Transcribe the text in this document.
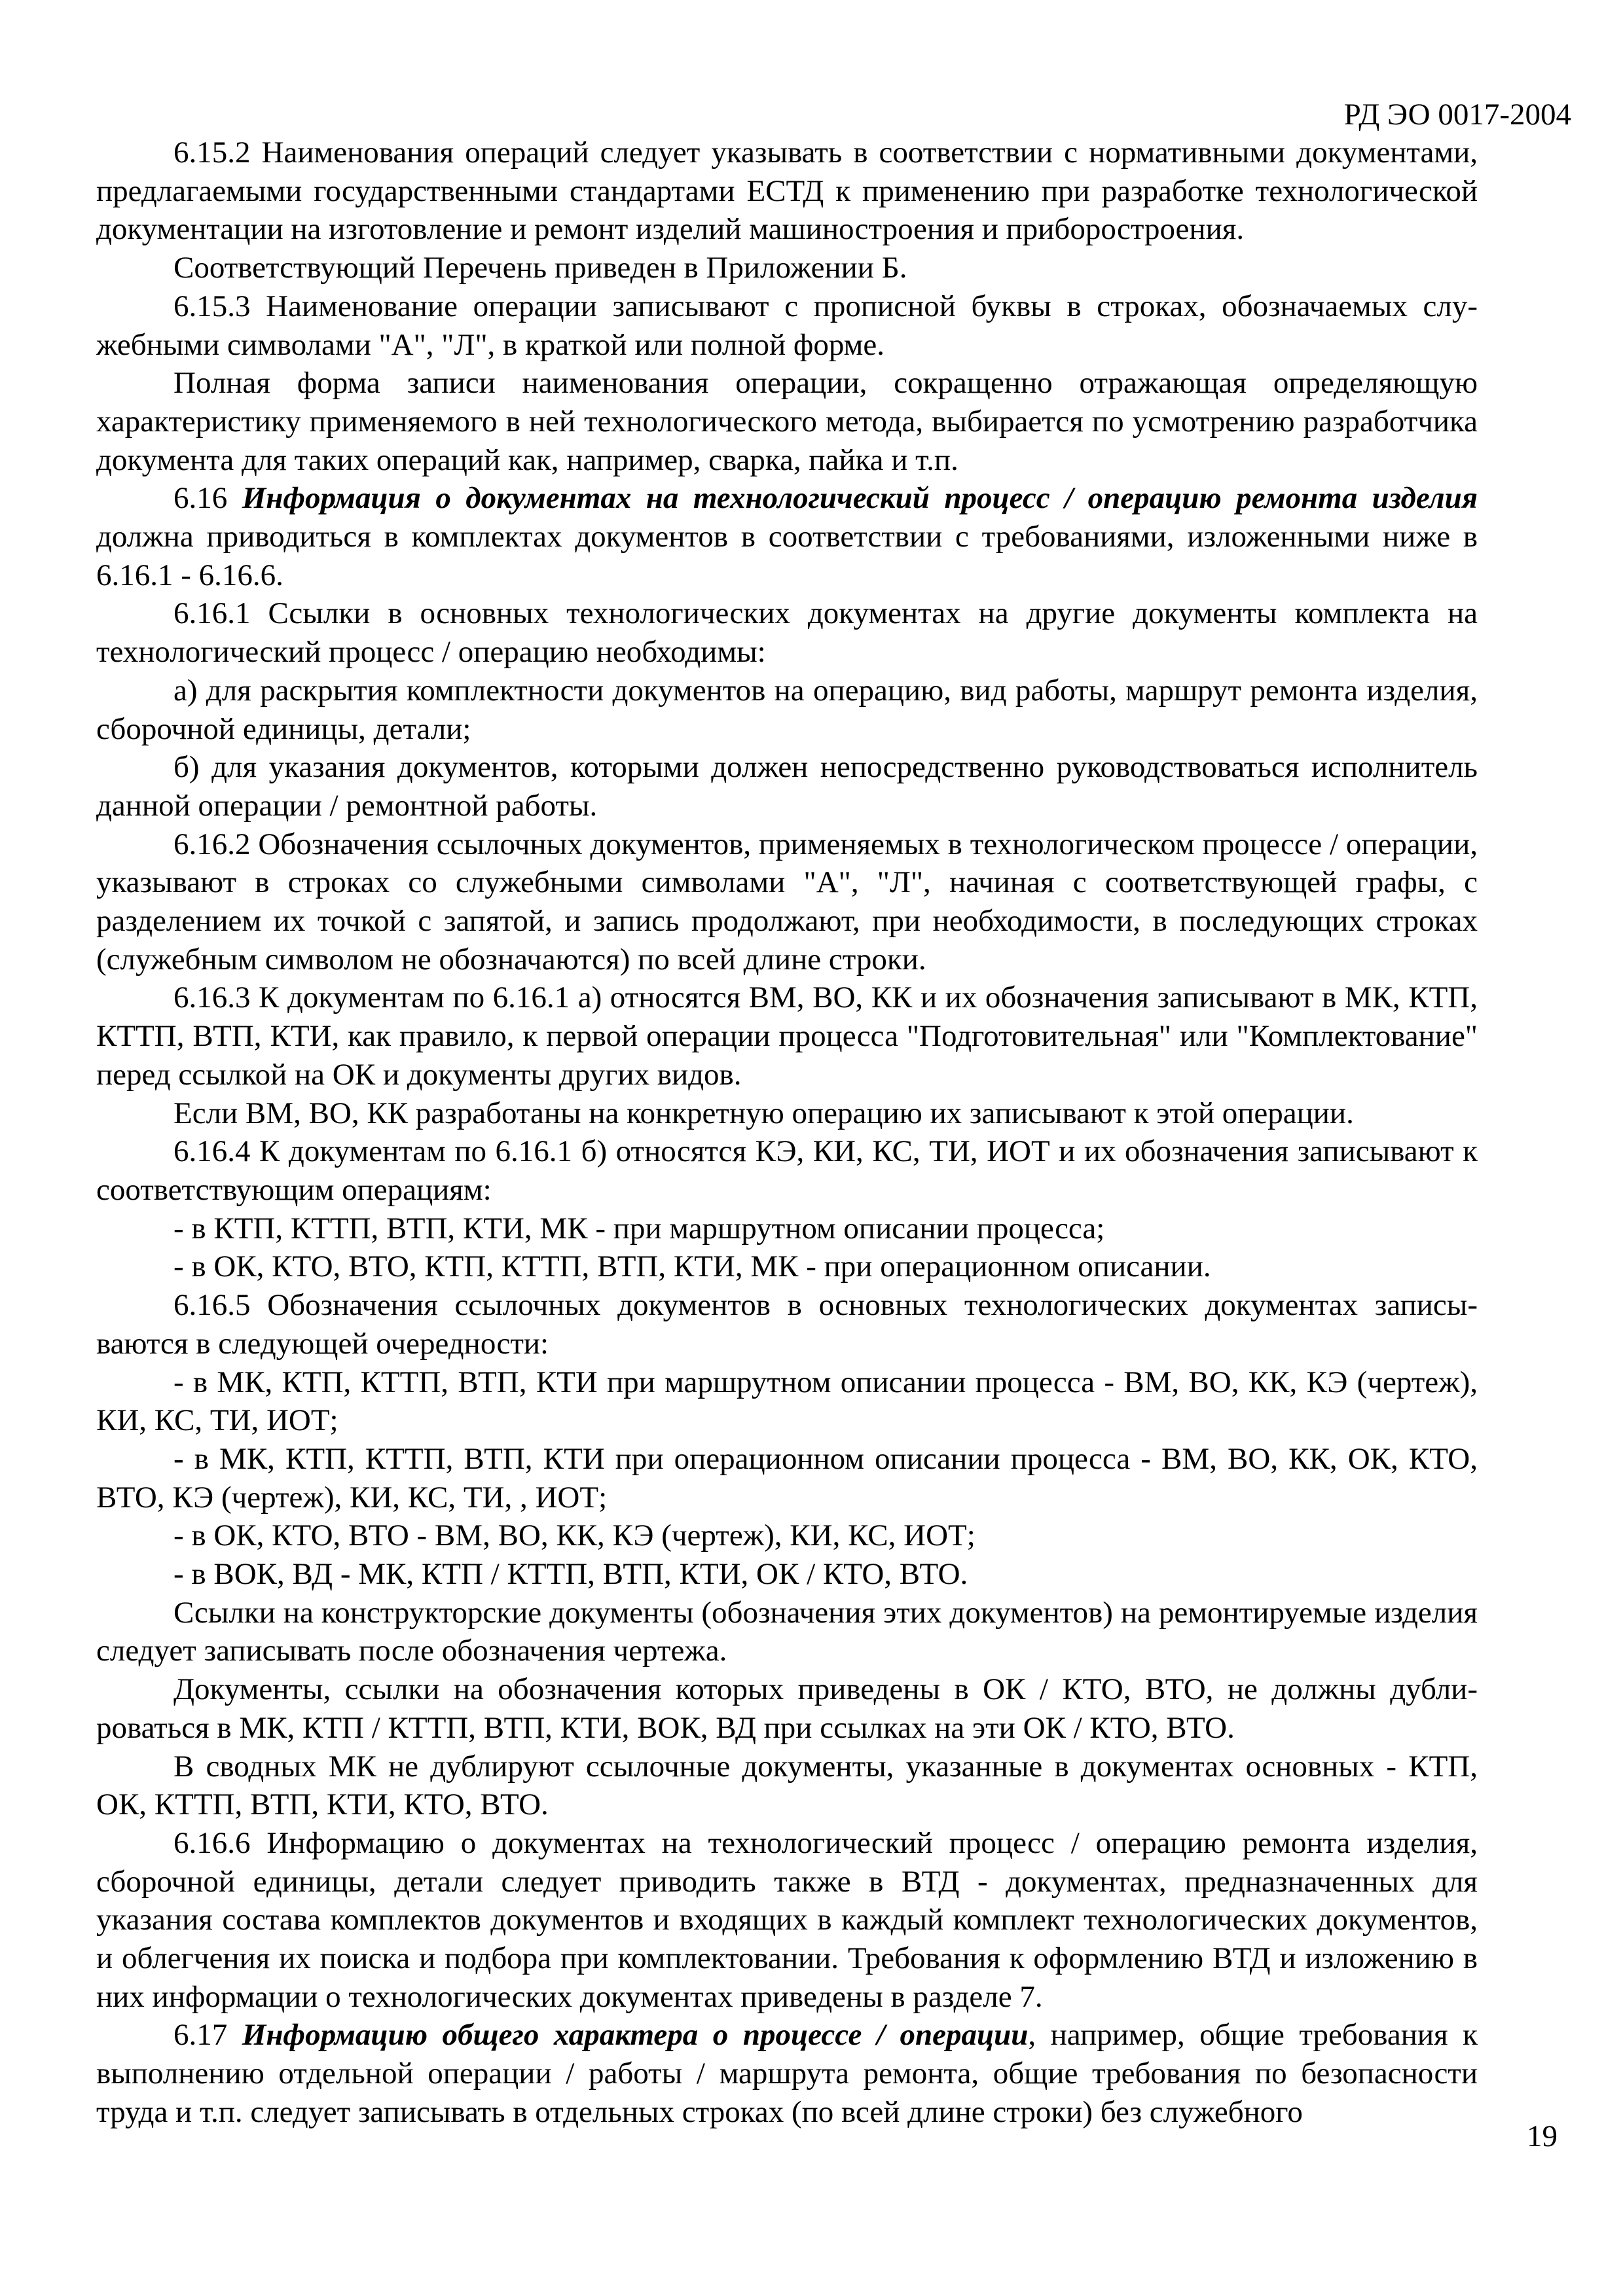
РД ЭО 0017-2004

6.15.2 Наименования операций следует указывать в соответствии с нормативными документами, предлагаемыми государственными стандартами ЕСТД к применению при разработке технологической документации на изготовление и ремонт изделий машиностроения и приборостроения.

Соответствующий Перечень приведен в Приложении Б.

6.15.3 Наименование операции записывают с прописной буквы в строках, обозначаемых служебными символами "А", "Л", в краткой или полной форме.

Полная форма записи наименования операции, сокращенно отражающая определяющую характеристику применяемого в ней технологического метода, выбирается по усмотрению разработчика документа для таких операций как, например, сварка, пайка и т.п.

6.16 Информация о документах на технологический процесс / операцию ремонта изделия должна приводиться в комплектах документов в соответствии с требованиями, изложенными ниже в 6.16.1 - 6.16.6.

6.16.1 Ссылки в основных технологических документах на другие документы комплекта на технологический процесс / операцию необходимы:

а) для раскрытия комплектности документов на операцию, вид работы, маршрут ремонта изделия, сборочной единицы, детали;

б) для указания документов, которыми должен непосредственно руководствоваться исполнитель данной операции / ремонтной работы.

6.16.2 Обозначения ссылочных документов, применяемых в технологическом процессе / операции, указывают в строках со служебными символами "А", "Л", начиная с соответствующей графы, с разделением их точкой с запятой, и запись продолжают, при необходимости, в последующих строках (служебным символом не обозначаются) по всей длине строки.

6.16.3 К документам по 6.16.1 а) относятся ВМ, ВО, КК и их обозначения записывают в МК, КТП, КТТП, ВТП, КТИ, как правило, к первой операции процесса "Подготовительная" или "Комплектование" перед ссылкой на ОК и документы других видов.

Если ВМ, ВО, КК разработаны на конкретную операцию их записывают к этой операции.

6.16.4 К документам по 6.16.1 б) относятся КЭ, КИ, КС, ТИ, ИОТ и их обозначения записывают к соответствующим операциям:

- в КТП, КТТП, ВТП, КТИ, МК - при маршрутном описании процесса;

- в ОК, КТО, ВТО, КТП, КТТП, ВТП, КТИ, МК - при операционном описании.

6.16.5 Обозначения ссылочных документов в основных технологических документах записываются в следующей очередности:

- в МК, КТП, КТТП, ВТП, КТИ при маршрутном описании процесса - ВМ, ВО, КК, КЭ (чертеж), КИ, КС, ТИ, ИОТ;

- в МК, КТП, КТТП, ВТП, КТИ при операционном описании процесса - ВМ, ВО, КК, ОК, КТО, ВТО, КЭ (чертеж), КИ, КС, ТИ, , ИОТ;

- в ОК, КТО, ВТО - ВМ, ВО, КК, КЭ (чертеж), КИ, КС, ИОТ;

- в ВОК, ВД - МК, КТП / КТТП, ВТП, КТИ, ОК / КТО, ВТО.

Ссылки на конструкторские документы (обозначения этих документов) на ремонтируемые изделия следует записывать после обозначения чертежа.

Документы, ссылки на обозначения которых приведены в ОК / КТО, ВТО, не должны дублироваться в МК, КТП / КТТП, ВТП, КТИ, ВОК, ВД при ссылках на эти ОК / КТО, ВТО.

В сводных МК не дублируют ссылочные документы, указанные в документах основных - КТП, ОК, КТТП, ВТП, КТИ, КТО, ВТО.

6.16.6 Информацию о документах на технологический процесс / операцию ремонта изделия, сборочной единицы, детали следует приводить также в ВТД - документах, предназначенных для указания состава комплектов документов и входящих в каждый комплект технологических документов, и облегчения их поиска и подбора при комплектовании. Требования к оформлению ВТД и изложению в них информации о технологических документах приведены в разделе 7.

6.17 Информацию общего характера о процессе / операции, например, общие требования к выполнению отдельной операции / работы / маршрута ремонта, общие требования по безопасности труда и т.п. следует записывать в отдельных строках (по всей длине строки) без служебного

19
